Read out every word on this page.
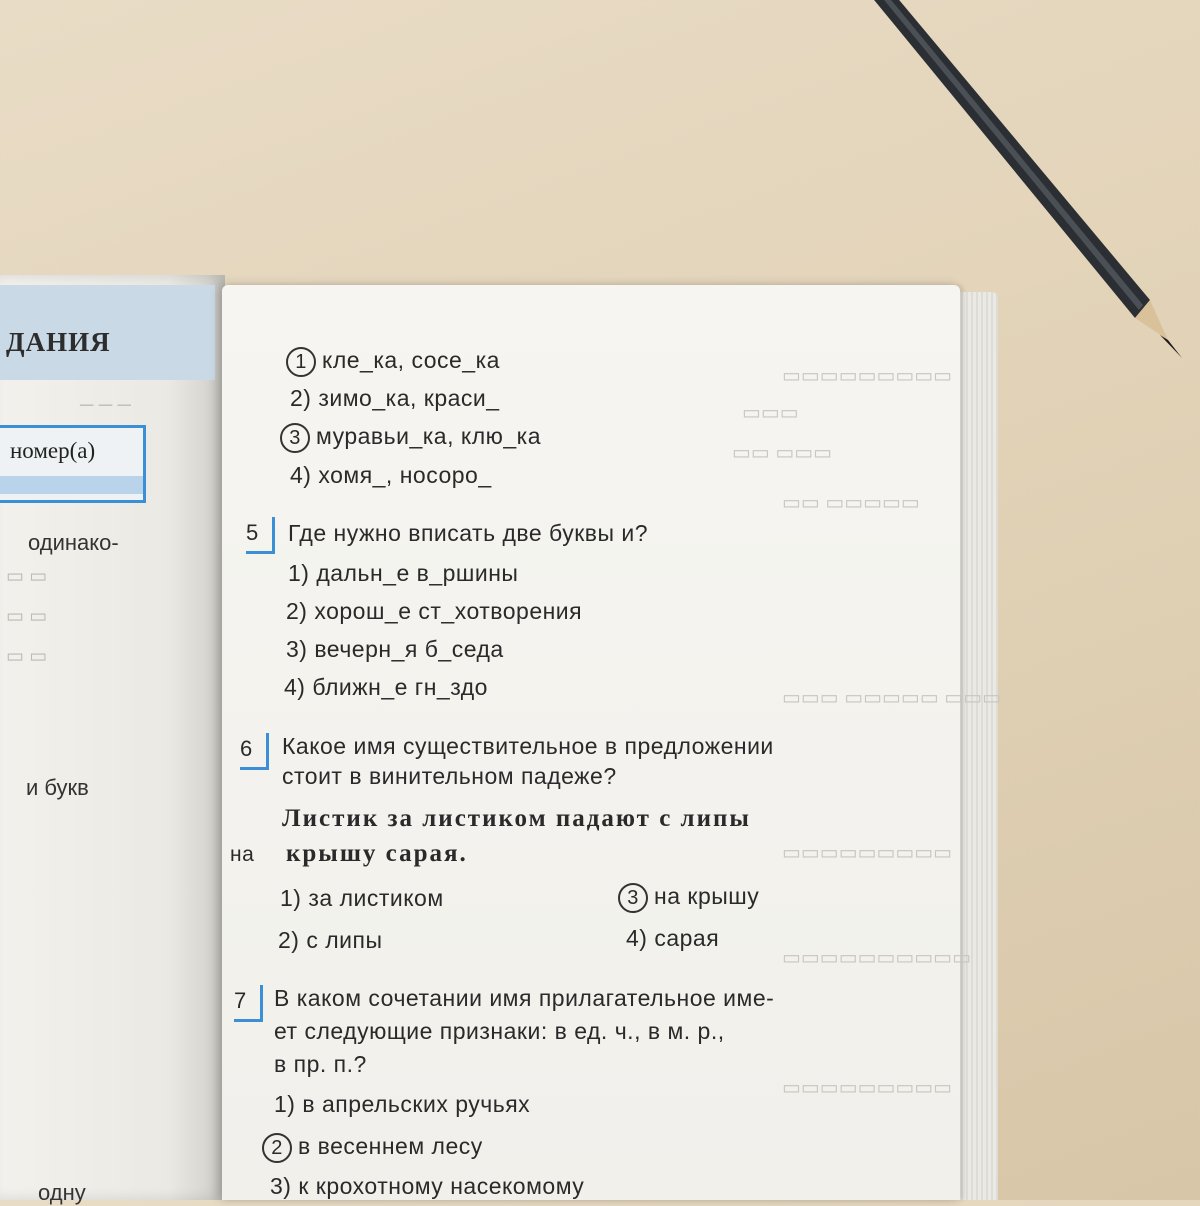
ДАНИЯ
─ ─ ─
номер(а)
одинако-
и букв
одну
▭ ▭
▭ ▭
▭ ▭
▭▭▭▭▭▭▭▭▭
▭▭▭
▭▭ ▭▭▭
▭▭ ▭▭▭▭▭
▭▭▭ ▭▭▭▭▭ ▭▭▭
▭▭▭▭▭▭▭▭▭
▭▭▭▭▭▭▭▭▭▭
▭▭▭▭▭▭▭▭▭
1 кле_ка, сосе_ка
2) зимо_ка, краси_
3 муравьи_ка, клю_ка
4) хомя_, носоро_
5	Где нужно вписать две буквы и?
1) дальн_е в_ршины
2) хорош_е ст_хотворения
3) вечерн_я б_седа
4) ближн_е гн_здо
6	Какое имя существительное в предложении
стоит в винительном падеже?
Листик за листиком падают с липы
на крышу сарая.
1) за листиком
2) с липы
3 на крышу
4) сарая
7	В каком сочетании имя прилагательное име-
ет следующие признаки: в ед. ч., в м. р.,
в пр. п.?
1) в апрельских ручьях
2 в весеннем лесу
3) к крохотному насекомому
